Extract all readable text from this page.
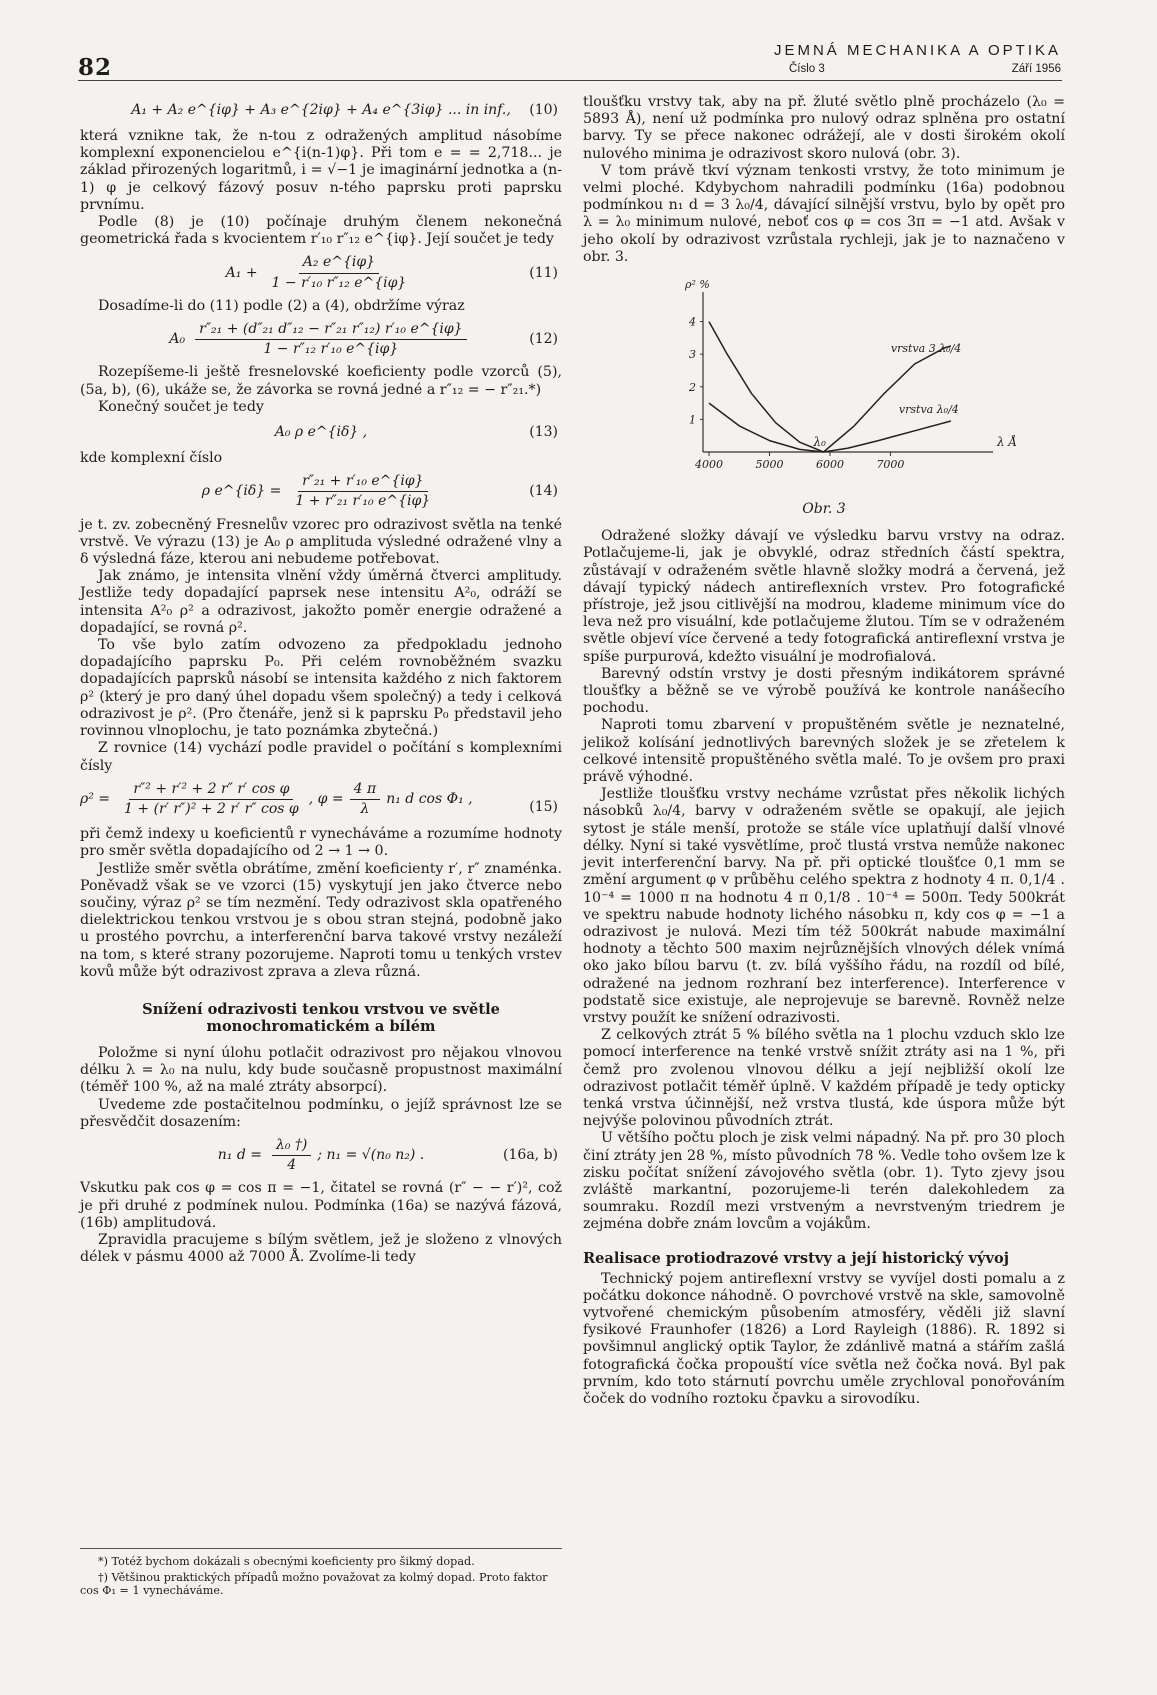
82
JEMNÁ MECHANIKA A OPTIKA
Číslo 3	Září 1956
A₁ + A₂ e^{iφ} + A₃ e^{2iφ} + A₄ e^{3iφ} ... in inf., (10)

která vznikne tak, že n-tou z odražených amplitud násobíme komplexní exponencielou e^{i(n-1)φ}. Při tom e = = 2,718... je základ přirozených logaritmů, i = √−1 je imaginární jednotka a (n-1) φ je celkový fázový posuv n-tého paprsku proti paprsku prvnímu.

Podle (8) je (10) počínaje druhým členem nekonečná geometrická řada s kvocientem r′₁₀ r″₁₂ e^{iφ}. Její součet je tedy

$A_1 + \frac{\text{A₂ e\textasciicircum{}\{iφ\}}}{\text{1 − r′₁₀ r″₁₂ e\textasciicircum{}\{iφ\}}}$	(11)

Dosadíme-li do (11) podle (2) a (4), obdržíme výraz

$A_0 \frac{\text{r″₂₁ + (d″₂₁ d″₁₂ − r″₂₁ r″₁₂) r′₁₀ e\textasciicircum{}\{iφ\}}}{\text{1 − r″₁₂ r′₁₀ e\textasciicircum{}\{iφ\}}}$	(12)

Rozepíšeme-li ještě fresnelovské koeficienty podle vzorců (5), (5a, b), (6), ukáže se, že závorka se rovná jedné a r″₁₂ = − r″₂₁.*)

Konečný součet je tedy

A₀ ρ e^{iδ} ,	(13)

kde komplexní číslo

ρ e^{iδ} = $\frac{\text{r″₂₁ + r′₁₀ e\textasciicircum{}\{iφ\}}}{\text{1 + r″₂₁ r′₁₀ e\textasciicircum{}\{iφ\}}}$	(14)

je t. zv. zobecněný Fresnelův vzorec pro odrazivost světla na tenké vrstvě. Ve výrazu (13) je A₀ ρ amplituda výsledné odražené vlny a δ výsledná fáze, kterou ani nebudeme potřebovat.

Jak známo, je intensita vlnění vždy úměrná čtverci amplitudy. Jestliže tedy dopadající paprsek nese intensitu A²₀, odráží se intensita A²₀ ρ² a odrazivost, jakožto poměr energie odražené a dopadající, se rovná ρ².

To vše bylo zatím odvozeno za předpokladu jednoho dopadajícího paprsku P₀. Při celém rovnoběžném svazku dopadajících paprsků násobí se intensita každého z nich faktorem ρ² (který je pro daný úhel dopadu všem společný) a tedy i celková odrazivost je ρ². (Pro čtenáře, jenž si k paprsku P₀ představil jeho rovinnou vlnoplochu, je tato poznámka zbytečná.)

Z rovnice (14) vychází podle pravidel o počítání s komplexními čísly

$\rho^2 = \frac{\text{r″² + r′² + 2 r″ r′ cos φ}}{\text{1 + (r′ r″)² + 2 r′ r″ cos φ}}$ , $\varphi = \frac{4 \pi}{\lambda} n_1$ d cos Φ₁ ,	(15)

při čemž indexy u koeficientů r vynecháváme a rozumíme hodnoty pro směr světla dopadajícího od 2 → 1 → 0.

Jestliže směr světla obrátíme, změní koeficienty r′, r″ znaménka. Poněvadž však se ve vzorci (15) vyskytují jen jako čtverce nebo součiny, výraz ρ² se tím nezmění. Tedy odrazivost skla opatřeného dielektrickou tenkou vrstvou je s obou stran stejná, podobně jako u prostého povrchu, a interferenční barva takové vrstvy nezáleží na tom, s které strany pozorujeme. Naproti tomu u tenkých vrstev kovů může být odrazivost zprava a zleva různá.

Snížení odrazivosti tenkou vrstvou ve světle monochromatickém a bílém

Položme si nyní úlohu potlačit odrazivost pro nějakou vlnovou délku λ = λ₀ na nulu, kdy bude současně propustnost maximální (téměř 100 %, až na malé ztráty absorpcí).

Uvedeme zde postačitelnou podmínku, o jejíž správnost lze se přesvědčit dosazením:

n₁ $d = \frac{\text{λ₀ †)}}{4}$ ; n₁ = √(n₀ n₂) .	(16a, b)

Vskutku pak cos φ = cos π = −1, čitatel se rovná (r″ − − r′)², což je při druhé z podmínek nulou. Podmínka (16a) se nazývá fázová, (16b) amplitudová.

Zpravidla pracujeme s bílým světlem, jež je složeno z vlnových délek v pásmu 4000 až 7000 Å. Zvolíme-li tedy

*) Totéž bychom dokázali s obecnými koeficienty pro šikmý dopad.

†) Většinou praktických případů možno považovat za kolmý dopad. Proto faktor cos Φ₁ = 1 vynecháváme.

tloušťku vrstvy tak, aby na př. žluté světlo plně procházelo (λ₀ = 5893 Å), není už podmínka pro nulový odraz splněna pro ostatní barvy. Ty se přece nakonec odrážejí, ale v dosti širokém okolí nulového minima je odrazivost skoro nulová (obr. 3).

V tom právě tkví význam tenkosti vrstvy, že toto minimum je velmi ploché. Kdybychom nahradili podmínku (16a) podobnou podmínkou n₁ d = 3 λ₀/4, dávající silnější vrstvu, bylo by opět pro λ = λ₀ minimum nulové, neboť cos φ = cos 3π = −1 atd. Avšak v jeho okolí by odrazivost vzrůstala rychleji, jak je to naznačeno v obr. 3.

ρ² %
λ Å
1
2
3
4
4000	5000	6000	7000
vrstva λ₀/4
vrstva 3 λ₀/4
λ₀
Obr. 3

Odražené složky dávají ve výsledku barvu vrstvy na odraz. Potlačujeme-li, jak je obvyklé, odraz středních částí spektra, zůstávají v odraženém světle hlavně složky modrá a červená, jež dávají typický nádech antireflexních vrstev. Pro fotografické přístroje, jež jsou citlivější na modrou, klademe minimum více do leva než pro visuální, kde potlačujeme žlutou. Tím se v odraženém světle objeví více červené a tedy fotografická antireflexní vrstva je spíše purpurová, kdežto visuální je modrofialová.

Barevný odstín vrstvy je dosti přesným indikátorem správné tloušťky a běžně se ve výrobě používá ke kontrole nanášecího pochodu.

Naproti tomu zbarvení v propuštěném světle je neznatelné, jelikož kolísání jednotlivých barevných složek je se zřetelem k celkové intensitě propuštěného světla malé. To je ovšem pro praxi právě výhodné.

Jestliže tloušťku vrstvy necháme vzrůstat přes několik lichých násobků λ₀/4, barvy v odraženém světle se opakují, ale jejich sytost je stále menší, protože se stále více uplatňují další vlnové délky. Nyní si také vysvětlíme, proč tlustá vrstva nemůže nakonec jevit interferenční barvy. Na př. při optické tloušťce 0,1 mm se změní argument φ v průběhu celého spektra z hodnoty 4 π. 0,1/4 . 10⁻⁴ = 1000 π na hodnotu 4 π 0,1/8 . 10⁻⁴ = 500π. Tedy 500krát ve spektru nabude hodnoty lichého násobku π, kdy cos φ = −1 a odrazivost je nulová. Mezi tím též 500krát nabude maximální hodnoty a těchto 500 maxim nejrůznějších vlnových délek vnímá oko jako bílou barvu (t. zv. bílá vyššího řádu, na rozdíl od bílé, odražené na jednom rozhraní bez interference). Interference v podstatě sice existuje, ale neprojevuje se barevně. Rovněž nelze vrstvy použít ke snížení odrazivosti.

Z celkových ztrát 5 % bílého světla na 1 plochu vzduch sklo lze pomocí interference na tenké vrstvě snížit ztráty asi na 1 %, při čemž pro zvolenou vlnovou délku a její nejbližší okolí lze odrazivost potlačit téměř úplně. V každém případě je tedy opticky tenká vrstva účinnější, než vrstva tlustá, kde úspora může být nejvýše polovinou původních ztrát.

U většího počtu ploch je zisk velmi nápadný. Na př. pro 30 ploch činí ztráty jen 28 %, místo původních 78 %. Vedle toho ovšem lze k zisku počítat snížení závojového světla (obr. 1). Tyto zjevy jsou zvláště markantní, pozorujeme-li terén dalekohledem za soumraku. Rozdíl mezi vrstveným a nevrstveným triedrem je zejména dobře znám lovcům a vojákům.

Realisace protiodrazové vrstvy a její historický vývoj

Technický pojem antireflexní vrstvy se vyvíjel dosti pomalu a z počátku dokonce náhodně. O povrchové vrstvě na skle, samovolně vytvořené chemickým působením atmosféry, věděli již slavní fysikové Fraunhofer (1826) a Lord Rayleigh (1886). R. 1892 si povšimnul anglický optik Taylor, že zdánlivě matná a stářím zašlá fotografická čočka propouští více světla než čočka nová. Byl pak prvním, kdo toto stárnutí povrchu uměle zrychloval ponořováním čoček do vodního roztoku čpavku a sirovodíku.
